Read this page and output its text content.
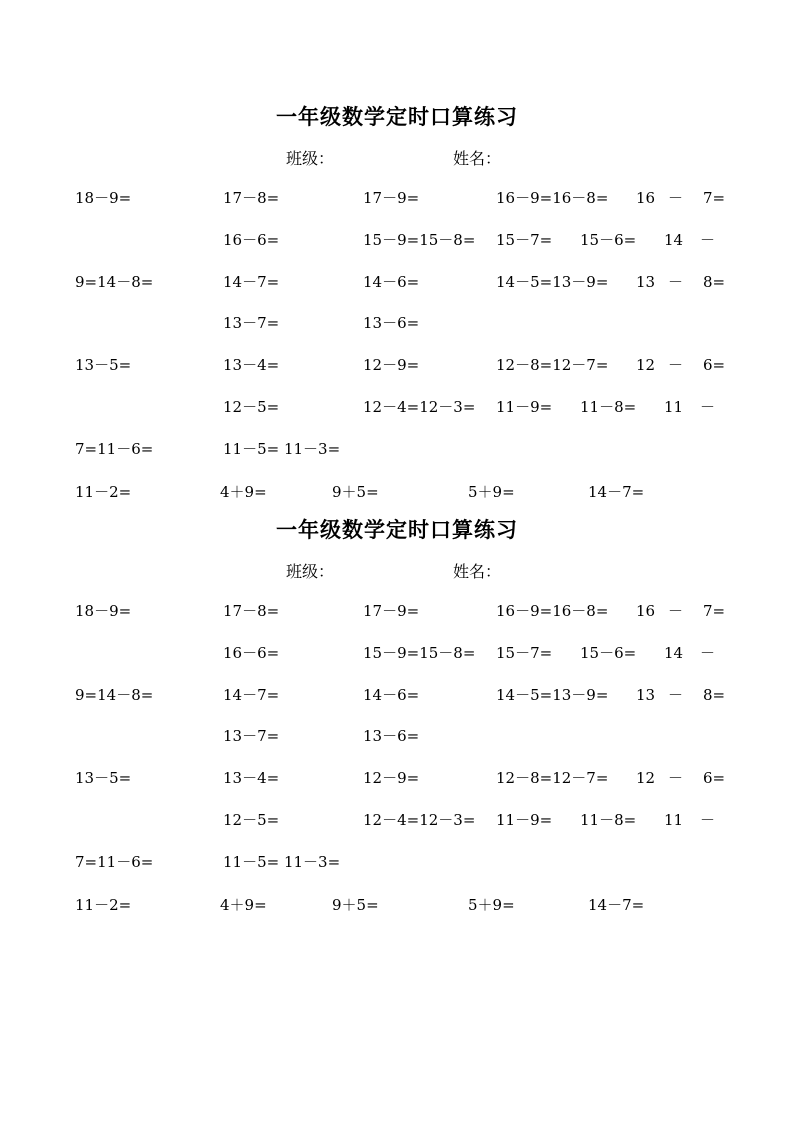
一年级数学定时口算练习
班级：	姓名：
18－9=	17－8=	17－9=	16－9=16－8= 16 － 7=
16－6=	15－9=15－8= 15－7= 15－6= 14 －
9=14－8=	14－7=	14－6=	14－5=13－9= 13 － 8=
13－7=	13－6=
13－5=	13－4=	12－9=	12－8=12－7= 12 － 6=
12－5=	12－4=12－3= 11－9= 11－8= 11 －
7=11－6=	11－5= 11－3=
11－2=	4＋9=	9＋5=	5＋9=	14－7=
一年级数学定时口算练习
班级：	姓名：
18－9=	17－8=	17－9=	16－9=16－8= 16 － 7=
16－6=	15－9=15－8= 15－7= 15－6= 14 －
9=14－8=	14－7=	14－6=	14－5=13－9= 13 － 8=
13－7=	13－6=
13－5=	13－4=	12－9=	12－8=12－7= 12 － 6=
12－5=	12－4=12－3= 11－9= 11－8= 11 －
7=11－6=	11－5= 11－3=
11－2=	4＋9=	9＋5=	5＋9=	14－7=
